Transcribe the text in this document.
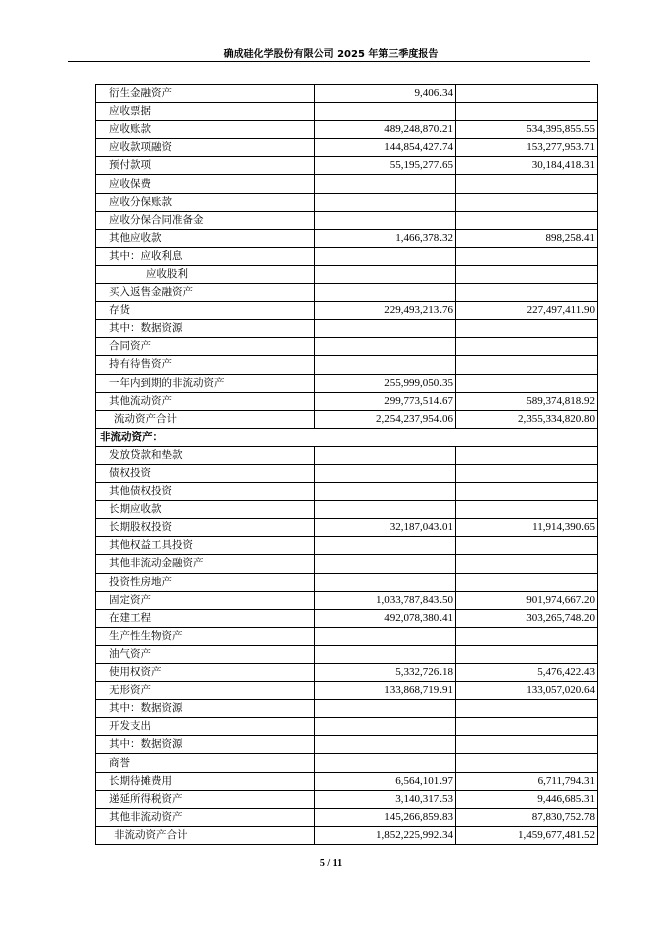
确成硅化学股份有限公司 2025 年第三季度报告
衍生金融资产	9,406.34	
应收票据		
应收账款	489,248,870.21	534,395,855.55
应收款项融资	144,854,427.74	153,277,953.71
预付款项	55,195,277.65	30,184,418.31
应收保费		
应收分保账款		
应收分保合同准备金		
其他应收款	1,466,378.32	898,258.41
其中：应收利息		
应收股利		
买入返售金融资产		
存货	229,493,213.76	227,497,411.90
其中：数据资源		
合同资产		
持有待售资产		
一年内到期的非流动资产	255,999,050.35	
其他流动资产	299,773,514.67	589,374,818.92
流动资产合计	2,254,237,954.06	2,355,334,820.80
非流动资产：		
发放贷款和垫款		
债权投资		
其他债权投资		
长期应收款		
长期股权投资	32,187,043.01	11,914,390.65
其他权益工具投资		
其他非流动金融资产		
投资性房地产		
固定资产	1,033,787,843.50	901,974,667.20
在建工程	492,078,380.41	303,265,748.20
生产性生物资产		
油气资产		
使用权资产	5,332,726.18	5,476,422.43
无形资产	133,868,719.91	133,057,020.64
其中：数据资源		
开发支出		
其中：数据资源		
商誉		
长期待摊费用	6,564,101.97	6,711,794.31
递延所得税资产	3,140,317.53	9,446,685.31
其他非流动资产	145,266,859.83	87,830,752.78
非流动资产合计	1,852,225,992.34	1,459,677,481.52
5 / 11
